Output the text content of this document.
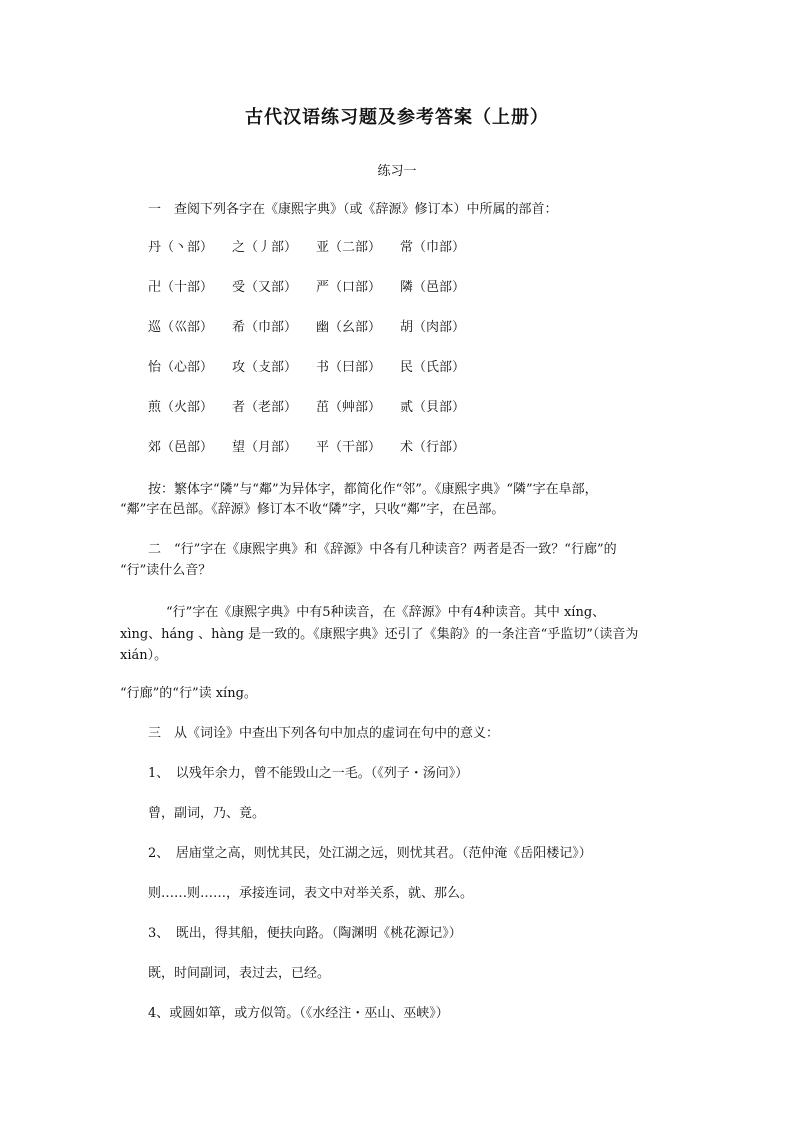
古代汉语练习题及参考答案（上册）
练习一
一　查阅下列各字在《康熙字典》（或《辞源》修订本）中所属的部首：
丹（丶部） 之（丿部） 亚（二部） 常（巾部）
卍（十部） 受（又部） 严（口部） 隣（邑部）
巡（巛部） 希（巾部） 幽（幺部） 胡（肉部）
怡（心部） 攻（攴部） 书（曰部） 民（氏部）
煎（火部） 者（老部） 茁（艸部） 贰（貝部）
郊（邑部） 望（月部） 平（干部） 术（行部）
按：繁体字“隣”与“鄰”为异体字，都简化作“邻”。《康熙字典》“隣”字在阜部，
“鄰”字在邑部。《辞源》修订本不收“隣”字，只收“鄰”字，在邑部。
二　“行”字在《康熙字典》和《辞源》中各有几种读音？两者是否一致？“行廊”的
“行”读什么音？
“行”字在《康熙字典》中有5种读音，在《辞源》中有4种读音。其中 xíng、
xìng、háng 、hàng 是一致的。《康熙字典》还引了《集韵》的一条注音“乎监切”（读音为
xián）。
“行廊”的“行”读 xíng。
三　从《词诠》中查出下列各句中加点的虚词在句中的意义：
1、　以残年余力，曾不能毁山之一毛。（《列子・汤问》）
曾，副词，乃、竟。
2、　居庙堂之高，则忧其民，处江湖之远，则忧其君。（范仲淹《岳阳楼记》）
则……则……，承接连词，表文中对举关系，就、那么。
3、　既出，得其船，便扶向路。（陶渊明《桃花源记》）
既，时间副词，表过去，已经。
4、或圆如箪，或方似笥。（《水经注・巫山、巫峡》）
